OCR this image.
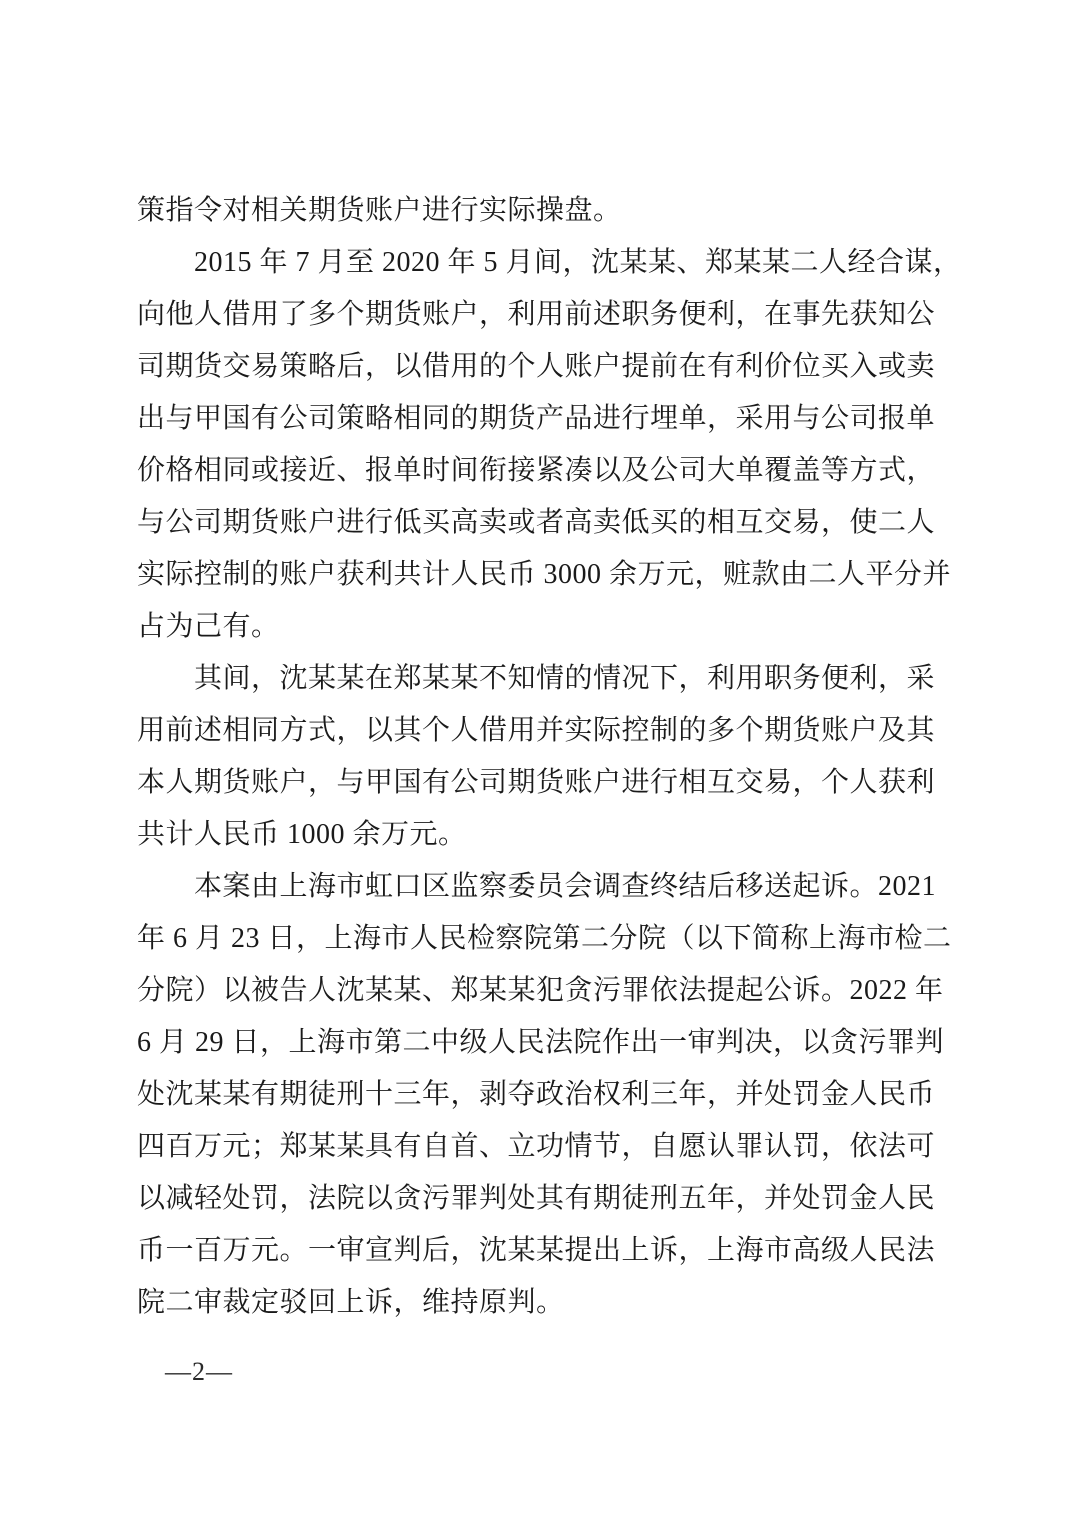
策指令对相关期货账户进行实际操盘。
2015 年 7 月至 2020 年 5 月间，沈某某、郑某某二人经合谋，
向他人借用了多个期货账户，利用前述职务便利，在事先获知公
司期货交易策略后，以借用的个人账户提前在有利价位买入或卖
出与甲国有公司策略相同的期货产品进行埋单，采用与公司报单
价格相同或接近、报单时间衔接紧凑以及公司大单覆盖等方式，
与公司期货账户进行低买高卖或者高卖低买的相互交易，使二人
实际控制的账户获利共计人民币 3000 余万元，赃款由二人平分并
占为己有。
其间，沈某某在郑某某不知情的情况下，利用职务便利，采
用前述相同方式，以其个人借用并实际控制的多个期货账户及其
本人期货账户，与甲国有公司期货账户进行相互交易，个人获利
共计人民币 1000 余万元。
本案由上海市虹口区监察委员会调查终结后移送起诉。2021
年 6 月 23 日，上海市人民检察院第二分院（以下简称上海市检二
分院）以被告人沈某某、郑某某犯贪污罪依法提起公诉。2022 年
6 月 29 日，上海市第二中级人民法院作出一审判决，以贪污罪判
处沈某某有期徒刑十三年，剥夺政治权利三年，并处罚金人民币
四百万元；郑某某具有自首、立功情节，自愿认罪认罚，依法可
以减轻处罚，法院以贪污罪判处其有期徒刑五年，并处罚金人民
币一百万元。一审宣判后，沈某某提出上诉，上海市高级人民法
院二审裁定驳回上诉，维持原判。
—2—
